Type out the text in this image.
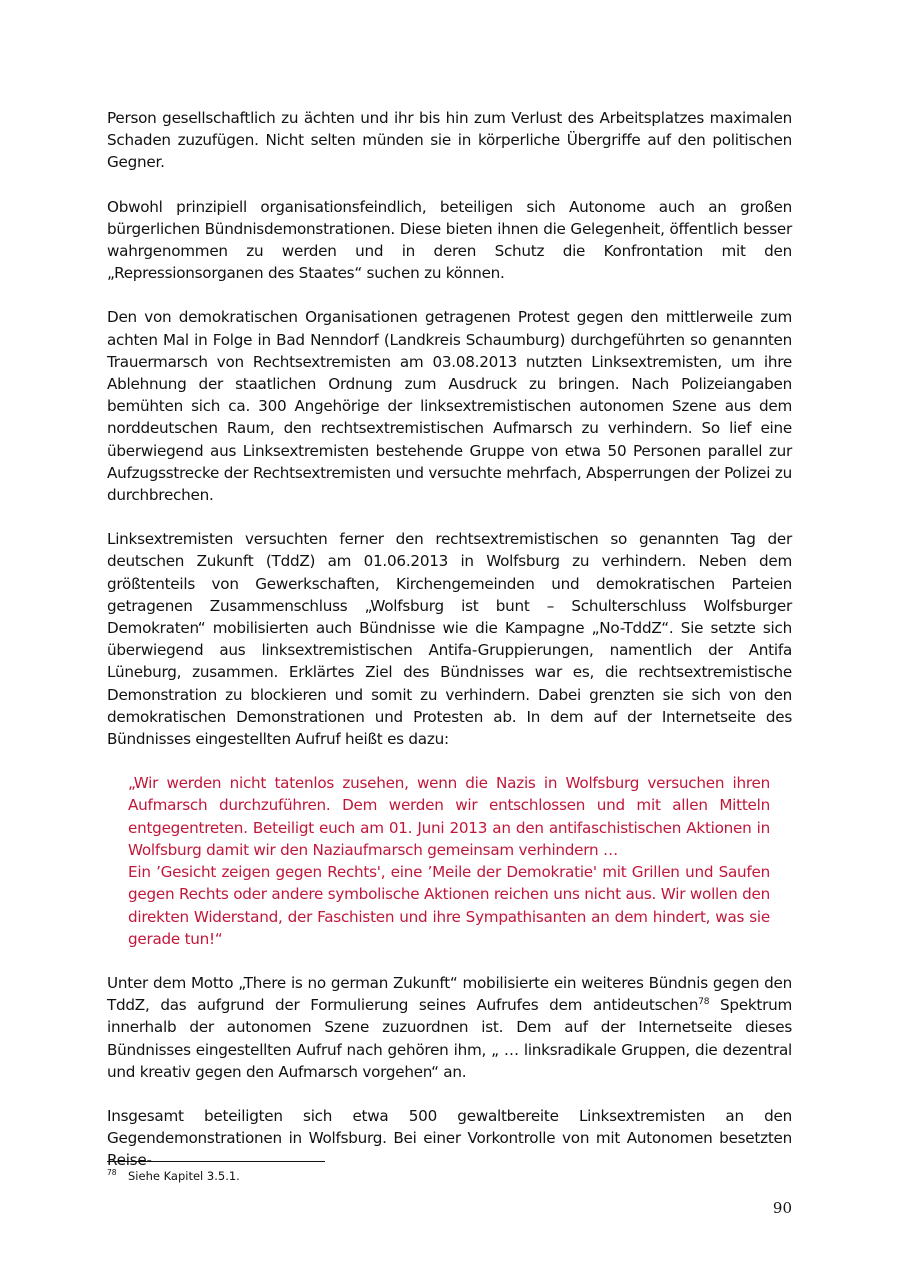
Person gesellschaftlich zu ächten und ihr bis hin zum Verlust des Arbeitsplatzes maximalen Schaden zuzufügen. Nicht selten münden sie in körperliche Übergriffe auf den politischen Gegner.

Obwohl prinzipiell organisationsfeindlich, beteiligen sich Autonome auch an großen bürgerlichen Bündnisdemonstrationen. Diese bieten ihnen die Gelegenheit, öffentlich besser wahrgenommen zu werden und in deren Schutz die Konfrontation mit den „Repressionsorganen des Staates“ suchen zu können.

Den von demokratischen Organisationen getragenen Protest gegen den mittlerweile zum achten Mal in Folge in Bad Nenndorf (Landkreis Schaumburg) durchgeführten so genannten Trauermarsch von Rechtsextremisten am 03.08.2013 nutzten Linksextremisten, um ihre Ablehnung der staatlichen Ordnung zum Ausdruck zu bringen. Nach Polizeiangaben bemühten sich ca. 300 Angehörige der linksextremistischen autonomen Szene aus dem norddeutschen Raum, den rechtsextremistischen Aufmarsch zu verhindern. So lief eine überwiegend aus Linksextremisten bestehende Gruppe von etwa 50 Personen parallel zur Aufzugsstrecke der Rechtsextremisten und versuchte mehrfach, Absperrungen der Polizei zu durchbrechen.

Linksextremisten versuchten ferner den rechtsextremistischen so genannten Tag der deutschen Zukunft (TddZ) am 01.06.2013 in Wolfsburg zu verhindern. Neben dem größtenteils von Gewerkschaften, Kirchengemeinden und demokratischen Parteien getragenen Zusammenschluss „Wolfsburg ist bunt – Schulterschluss Wolfsburger Demokraten“ mobilisierten auch Bündnisse wie die Kampagne „No-TddZ“. Sie setzte sich überwiegend aus linksextremistischen Antifa-Gruppierungen, namentlich der Antifa Lüneburg, zusammen. Erklärtes Ziel des Bündnisses war es, die rechtsextremistische Demonstration zu blockieren und somit zu verhindern. Dabei grenzten sie sich von den demokratischen Demonstrationen und Protesten ab. In dem auf der Internetseite des Bündnisses eingestellten Aufruf heißt es dazu:

„Wir werden nicht tatenlos zusehen, wenn die Nazis in Wolfsburg versuchen ihren Aufmarsch durchzuführen. Dem werden wir entschlossen und mit allen Mitteln entgegentreten. Beteiligt euch am 01. Juni 2013 an den antifaschistischen Aktionen in Wolfsburg damit wir den Naziaufmarsch gemeinsam verhindern …

Ein ’Gesicht zeigen gegen Rechts', eine ’Meile der Demokratie' mit Grillen und Saufen gegen Rechts oder andere symbolische Aktionen reichen uns nicht aus. Wir wollen den direkten Widerstand, der Faschisten und ihre Sympathisanten an dem hindert, was sie gerade tun!“

Unter dem Motto „There is no german Zukunft“ mobilisierte ein weiteres Bündnis gegen den TddZ, das aufgrund der Formulierung seines Aufrufes dem antideutschen$^{78}$ Spektrum innerhalb der autonomen Szene zuzuordnen ist. Dem auf der Internetseite dieses Bündnisses eingestellten Aufruf nach gehören ihm, „ … linksradikale Gruppen, die dezentral und kreativ gegen den Aufmarsch vorgehen“ an.

Insgesamt beteiligten sich etwa 500 gewaltbereite Linksextremisten an den Gegendemonstrationen in Wolfsburg. Bei einer Vorkontrolle von mit Autonomen besetzten Reise-

78 Siehe Kapitel 3.5.1.
90
